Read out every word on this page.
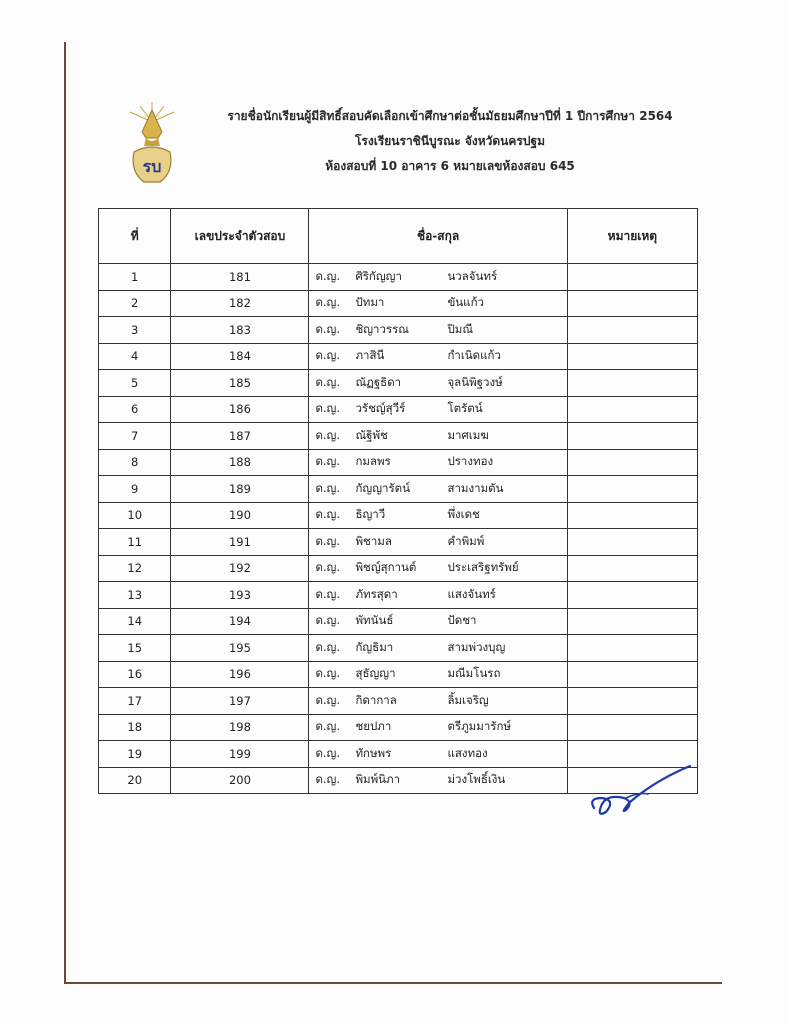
รบ
รายชื่อนักเรียนผู้มีสิทธิ์สอบคัดเลือกเข้าศึกษาต่อชั้นมัธยมศึกษาปีที่ 1 ปีการศึกษา 2564
โรงเรียนราชินีบูรณะ จังหวัดนครปฐม
ห้องสอบที่ 10 อาคาร 6 หมายเลขห้องสอบ 645
ที่	เลขประจำตัวสอบ	ชื่อ-สกุล	หมายเหตุ
1	181	ด.ญ. ศิริกัญญา นวลจันทร์	

2	182	ด.ญ. ปัทมา ขันแก้ว	

3	183	ด.ญ. ชิญาวรรณ ปิมณี	

4	184	ด.ญ. ภาสินี กำเนิดแก้ว	

5	185	ด.ญ. ณัฏฐธิดา จุลนิพิฐวงษ์	

6	186	ด.ญ. วรัชญ์สุวีร์ โตรัตน์	

7	187	ด.ญ. ณัฐิพัช มาศเมฆ	

8	188	ด.ญ. กมลพร ปรางทอง	

9	189	ด.ญ. กัญญารัตน์ สามงามตัน	

10	190	ด.ญ. ธิญาวี พึ่งเดช	

11	191	ด.ญ. พิชามล คำพิมพ์	

12	192	ด.ญ. พิชญ์สุกานต์ ประเสริฐทรัพย์	

13	193	ด.ญ. ภัทรสุดา แสงจันทร์	

14	194	ด.ญ. พัทนันธ์ ปัดชา	

15	195	ด.ญ. กัญธิมา สามพ่วงบุญ	

16	196	ด.ญ. สุธัญญา มณีมโนรถ	

17	197	ด.ญ. กิดากาล ลิ้มเจริญ	

18	198	ด.ญ. ชยปภา ตรีภูมมารักษ์	

19	199	ด.ญ. ทักษพร แสงทอง	

20	200	ด.ญ. พิมพ์นิภา ม่วงโพธิ์เงิน	
